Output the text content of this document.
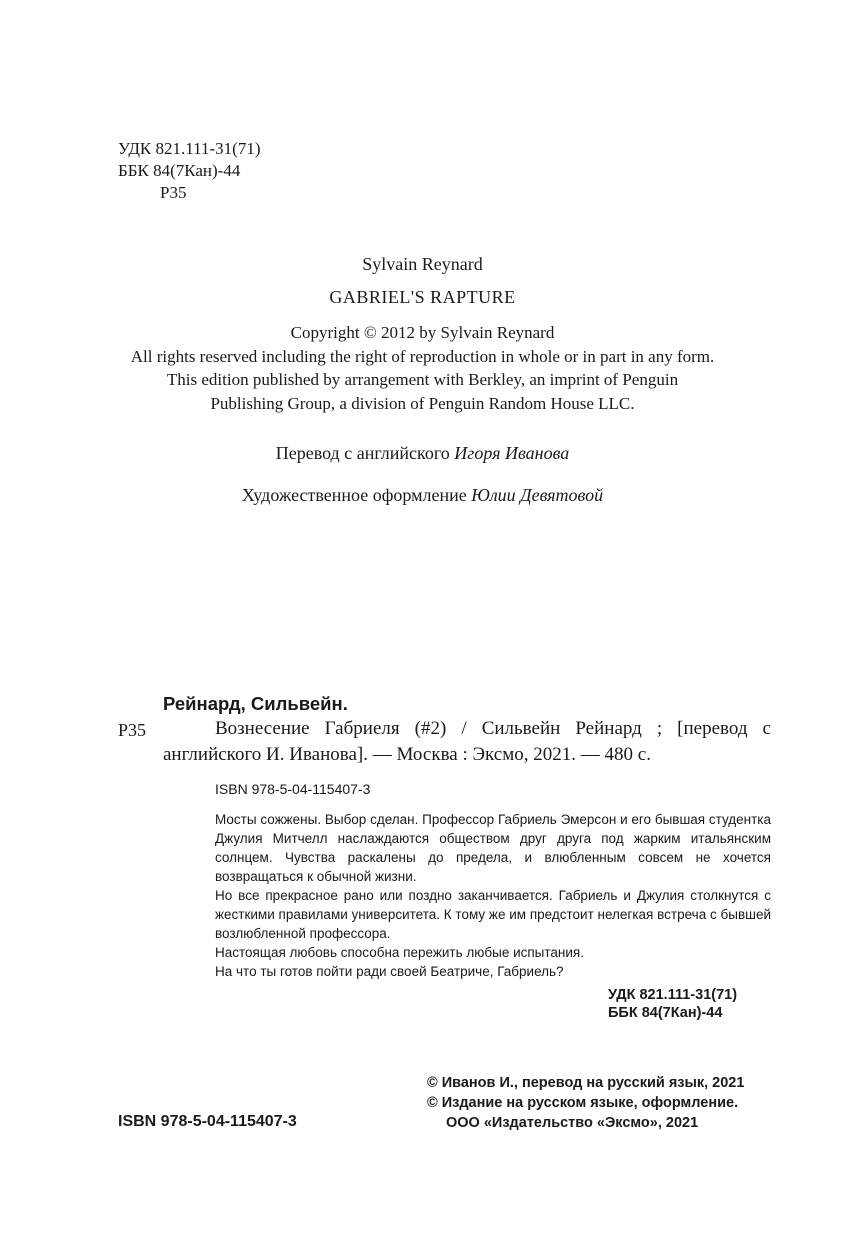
УДК 821.111-31(71)
ББК 84(7Кан)-44
Р35
Sylvain Reynard
GABRIEL'S RAPTURE
Copyright © 2012 by Sylvain Reynard
All rights reserved including the right of reproduction in whole or in part in any form.
This edition published by arrangement with Berkley, an imprint of Penguin
Publishing Group, a division of Penguin Random House LLC.
Перевод с английского Игоря Иванова
Художественное оформление Юлии Девятовой
Рейнард, Сильвейн.
Р35	Вознесение Габриеля (#2) / Сильвейн Рейнард ; [перевод с
английского И. Иванова]. — Москва : Эксмо, 2021. — 480 с.
ISBN 978-5-04-115407-3

Мосты сожжены. Выбор сделан. Профессор Габриель Эмерсон и его бывшая студентка Джулия Митчелл наслаждаются обществом друг друга под жарким итальянским солнцем. Чувства раскалены до предела, и влюбленным совсем не хочется возвращаться к обычной жизни.

Но все прекрасное рано или поздно заканчивается. Габриель и Джулия столкнутся с жесткими правилами университета. К тому же им предстоит нелегкая встреча с бывшей возлюбленной профессора.

Настоящая любовь способна пережить любые испытания.

На что ты готов пойти ради своей Беатриче, Габриель?

УДК 821.111-31(71)
ББК 84(7Кан)-44
ISBN 978-5-04-115407-3
© Иванов И., перевод на русский язык, 2021
© Издание на русском языке, оформление.
ООО «Издательство «Эксмо», 2021
